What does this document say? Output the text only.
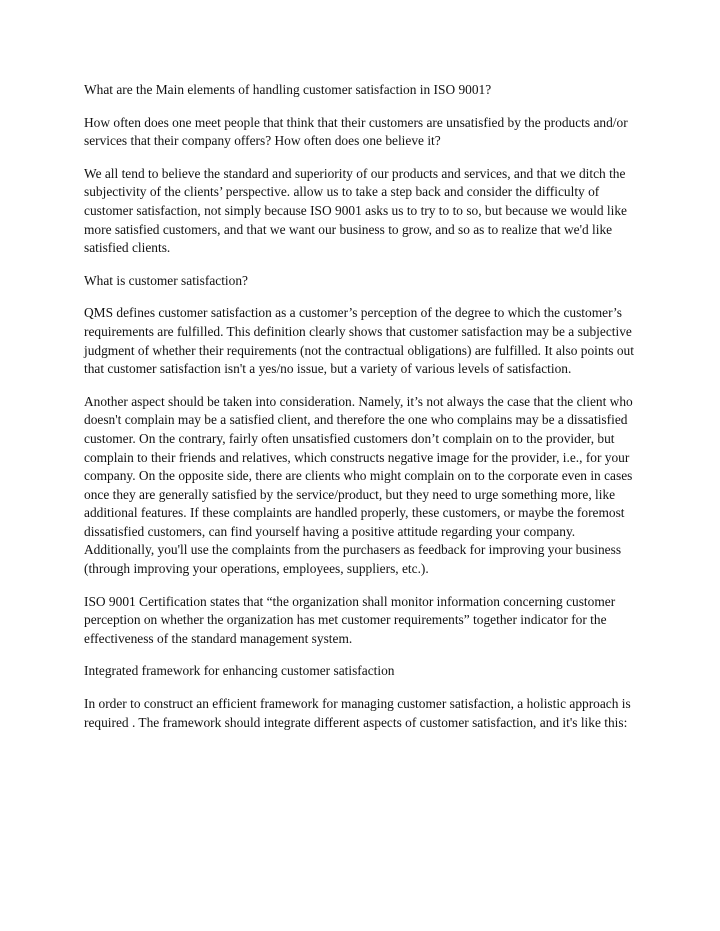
What are the Main elements of handling customer satisfaction in ISO 9001?

How often does one meet people that think that their customers are unsatisfied by the products and/or services that their company offers? How often does one believe it?

We all tend to believe the standard and superiority of our products and services, and that we ditch the subjectivity of the clients’ perspective. allow us to take a step back and consider the difficulty of customer satisfaction, not simply because ISO 9001 asks us to try to to so, but because we would like more satisfied customers, and that we want our business to grow, and so as to realize that we'd like satisfied clients.

What is customer satisfaction?

QMS defines customer satisfaction as a customer’s perception of the degree to which the customer’s requirements are fulfilled. This definition clearly shows that customer satisfaction may be a subjective judgment of whether their requirements (not the contractual obligations) are fulfilled. It also points out that customer satisfaction isn't a yes/no issue, but a variety of various levels of satisfaction.

Another aspect should be taken into consideration. Namely, it’s not always the case that the client who doesn't complain may be a satisfied client, and therefore the one who complains may be a dissatisfied customer. On the contrary, fairly often unsatisfied customers don’t complain on to the provider, but complain to their friends and relatives, which constructs negative image for the provider, i.e., for your company. On the opposite side, there are clients who might complain on to the corporate even in cases once they are generally satisfied by the service/product, but they need to urge something more, like additional features. If these complaints are handled properly, these customers, or maybe the foremost dissatisfied customers, can find yourself having a positive attitude regarding your company. Additionally, you'll use the complaints from the purchasers as feedback for improving your business (through improving your operations, employees, suppliers, etc.).

ISO 9001 Certification states that “the organization shall monitor information concerning customer perception on whether the organization has met customer requirements” together indicator for the effectiveness of the standard management system.

Integrated framework for enhancing customer satisfaction

In order to construct an efficient framework for managing customer satisfaction, a holistic approach is required . The framework should integrate different aspects of customer satisfaction, and it's like this:
